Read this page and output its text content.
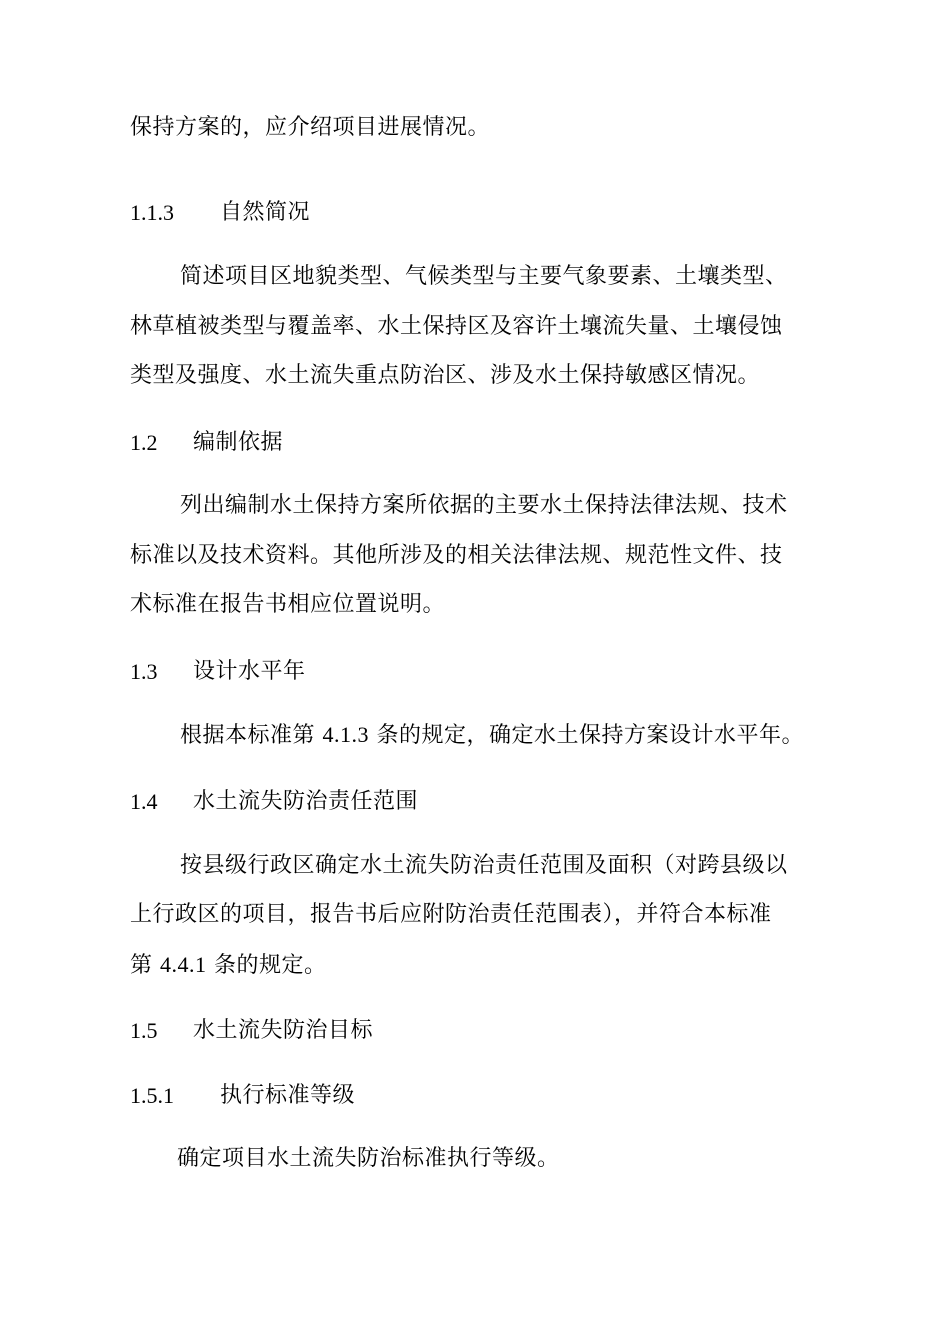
保持方案的，应介绍项目进展情况。
1.1.3 自然简况
简述项目区地貌类型、气候类型与主要气象要素、土壤类型、
林草植被类型与覆盖率、水土保持区及容许土壤流失量、土壤侵蚀
类型及强度、水土流失重点防治区、涉及水土保持敏感区情况。
1.2 编制依据
列出编制水土保持方案所依据的主要水土保持法律法规、技术
标准以及技术资料。其他所涉及的相关法律法规、规范性文件、技
术标准在报告书相应位置说明。
1.3 设计水平年
根据本标准第 4.1.3 条的规定，确定水土保持方案设计水平年。
1.4 水土流失防治责任范围
按县级行政区确定水土流失防治责任范围及面积（对跨县级以
上行政区的项目，报告书后应附防治责任范围表），并符合本标准
第 4.4.1 条的规定。
1.5 水土流失防治目标
1.5.1 执行标准等级
确定项目水土流失防治标准执行等级。
